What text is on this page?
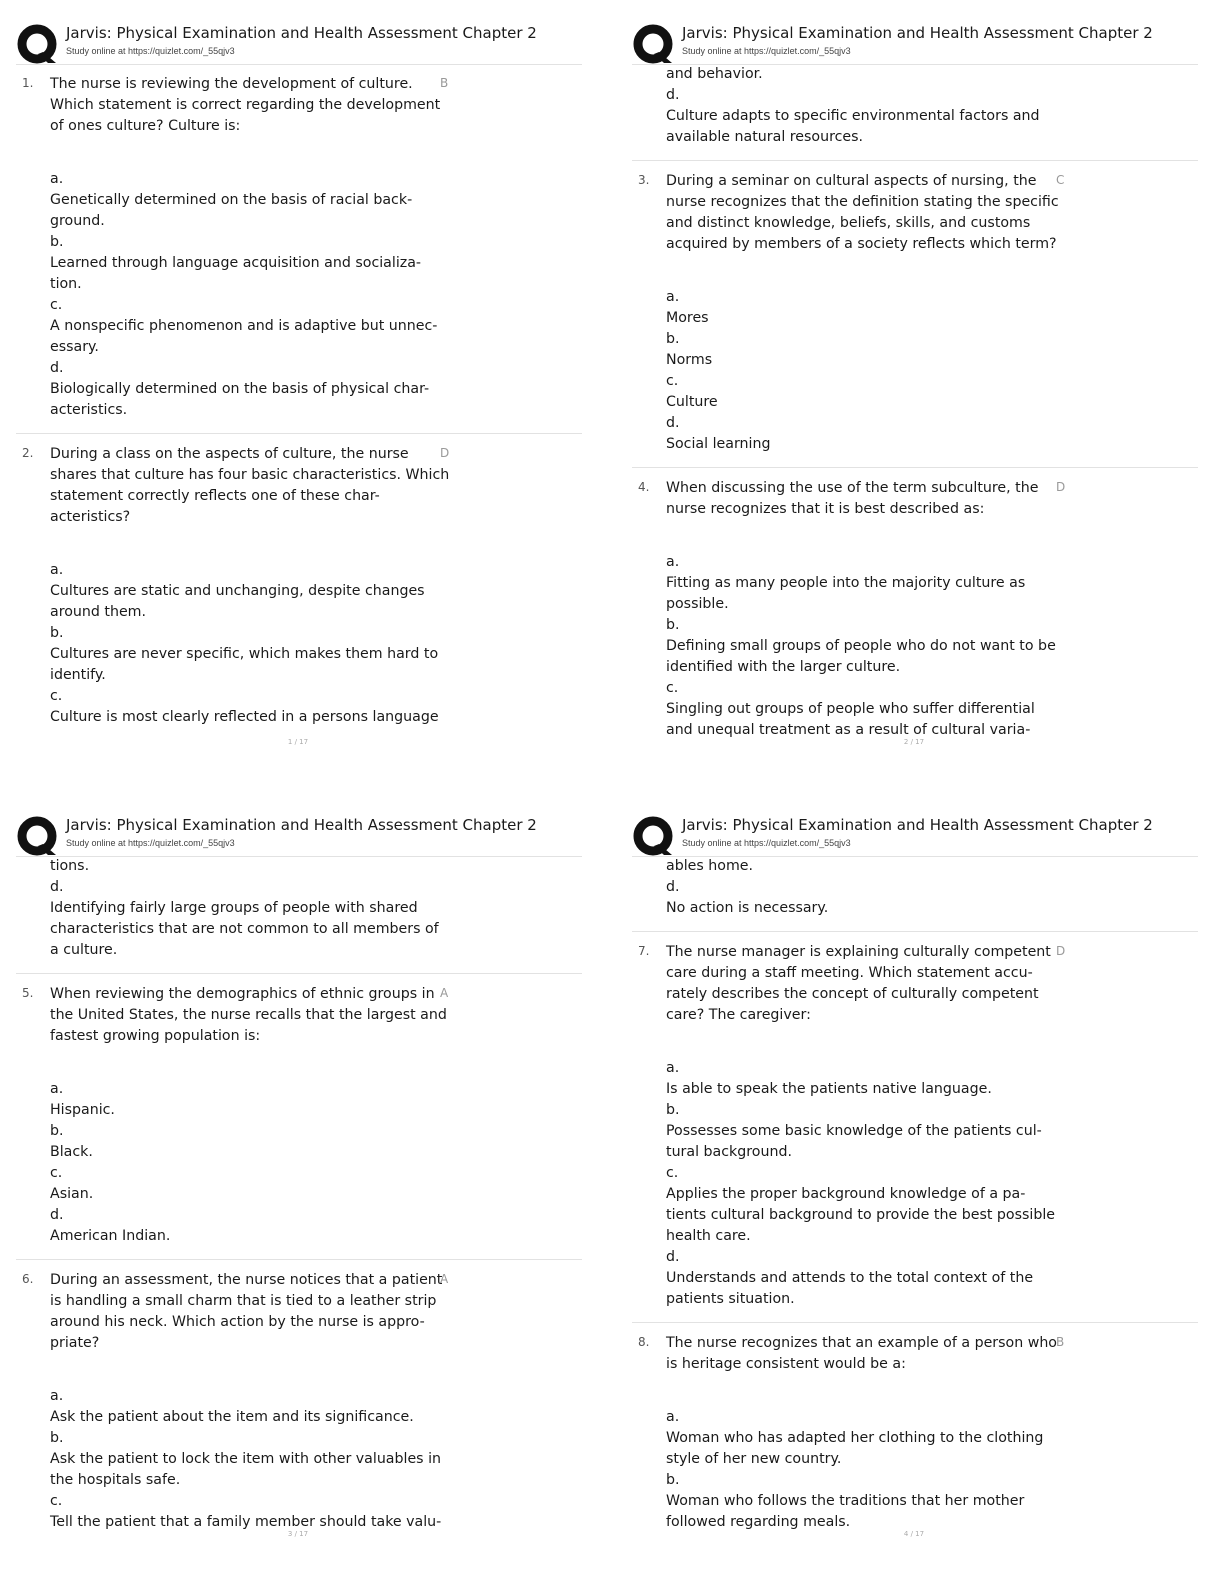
Jarvis: Physical Examination and Health Assessment Chapter 2
Study online at https://quizlet.com/_55qjv3
1.	B
The nurse is reviewing the development of culture. Which statement is correct regarding the development of ones culture? Culture is:
a.
Genetically determined on the basis of racial back- ground.
b.
Learned through language acquisition and socializa- tion.
c.
A nonspecific phenomenon and is adaptive but unnec- essary.
d.
Biologically determined on the basis of physical char- acteristics.
2.	D
During a class on the aspects of culture, the nurse shares that culture has four basic characteristics. Which statement correctly reflects one of these char- acteristics?
a.
Cultures are static and unchanging, despite changes around them.
b.
Cultures are never specific, which makes them hard to identify.
c.
Culture is most clearly reflected in a persons language
1 / 17
Jarvis: Physical Examination and Health Assessment Chapter 2
Study online at https://quizlet.com/_55qjv3
and behavior.
d.
Culture adapts to specific environmental factors and available natural resources.
3.	C
During a seminar on cultural aspects of nursing, the nurse recognizes that the definition stating the specific and distinct knowledge, beliefs, skills, and customs acquired by members of a society reflects which term?
a.
Mores
b.
Norms
c.
Culture
d.
Social learning
4.	D
When discussing the use of the term subculture, the nurse recognizes that it is best described as:
a.
Fitting as many people into the majority culture as possible.
b.
Defining small groups of people who do not want to be identified with the larger culture.
c.
Singling out groups of people who suffer differential and unequal treatment as a result of cultural varia-
2 / 17
Jarvis: Physical Examination and Health Assessment Chapter 2
Study online at https://quizlet.com/_55qjv3
tions.
d.
Identifying fairly large groups of people with shared characteristics that are not common to all members of a culture.
5.	A
When reviewing the demographics of ethnic groups in the United States, the nurse recalls that the largest and fastest growing population is:
a.
Hispanic.
b.
Black.
c.
Asian.
d.
American Indian.
6.	A
During an assessment, the nurse notices that a patient is handling a small charm that is tied to a leather strip around his neck. Which action by the nurse is appro- priate?
a.
Ask the patient about the item and its significance.
b.
Ask the patient to lock the item with other valuables in the hospitals safe.
c.
Tell the patient that a family member should take valu-
3 / 17
Jarvis: Physical Examination and Health Assessment Chapter 2
Study online at https://quizlet.com/_55qjv3
ables home.
d.
No action is necessary.
7.	D
The nurse manager is explaining culturally competent care during a staff meeting. Which statement accu- rately describes the concept of culturally competent care? The caregiver:
a.
Is able to speak the patients native language.
b.
Possesses some basic knowledge of the patients cul- tural background.
c.
Applies the proper background knowledge of a pa- tients cultural background to provide the best possible health care.
d.
Understands and attends to the total context of the patients situation.
8.	B
The nurse recognizes that an example of a person who is heritage consistent would be a:
a.
Woman who has adapted her clothing to the clothing style of her new country.
b.
Woman who follows the traditions that her mother followed regarding meals.
4 / 17
